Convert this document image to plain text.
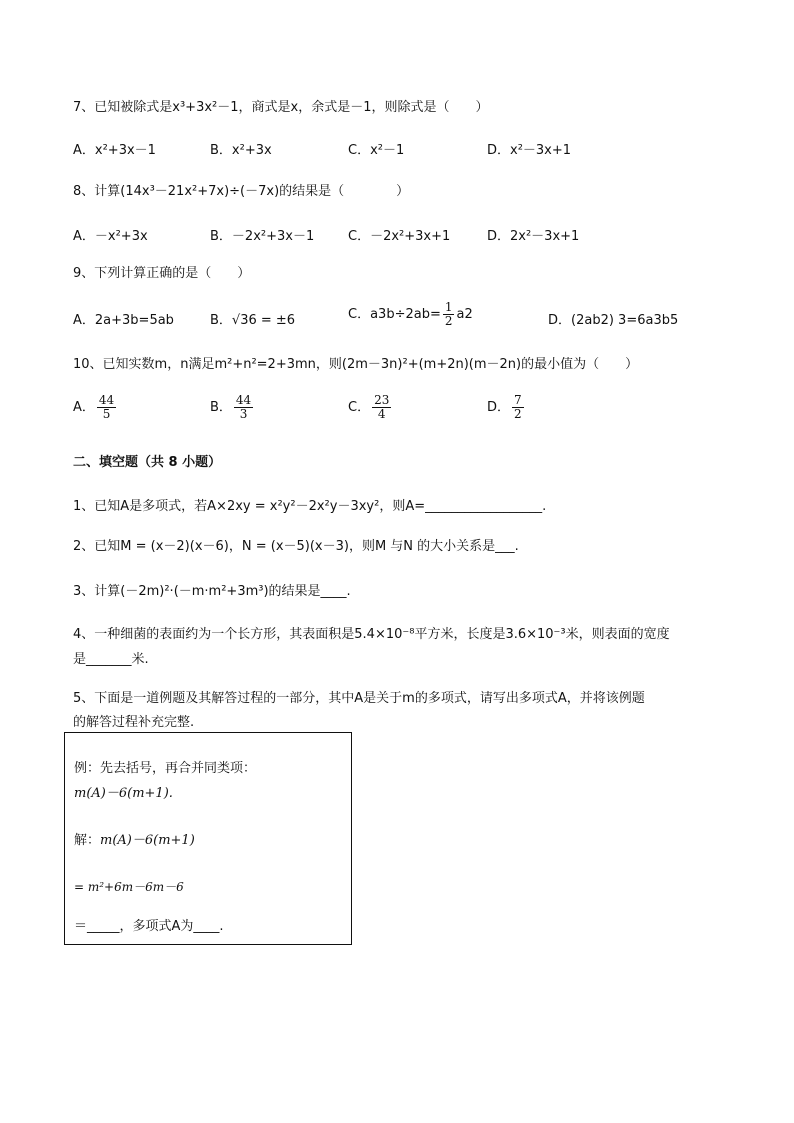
7、已知被除式是x³+3x²－1，商式是x，余式是－1，则除式是（　　）
A．x²+3x－1	B．x²+3x	C．x²－1	D．x²－3x+1
8、计算(14x³－21x²+7x)÷(－7x)的结果是（　　　　）
A．－x²+3x	B．－2x²+3x－1	C．－2x²+3x+1	D．2x²－3x+1
9、下列计算正确的是（　　）
A．2a+3b=5ab	B．√36 = ±6	C．$a3b\div 2ab= \frac{1}{2} a2$	D．(2ab2) 3=6a3b5
10、已知实数m，n满足m²+n²=2+3mn，则(2m－3n)²+(m+2n)(m－2n)的最小值为（　　）
A． $\frac{44}{5}$	B． $\frac{44}{3}$	C． $\frac{23}{4}$	D． $\frac{7}{2}$
二、填空题（共 8 小题）
1、已知A是多项式，若A×2xy = x²y²－2x²y－3xy²，则A=__________________.
2、已知M = (x－2)(x－6)，N = (x－5)(x－3)，则M 与N 的大小关系是___.
3、计算(－2m)²·(－m·m²+3m³)的结果是____.
4、一种细菌的表面约为一个长方形，其表面积是5.4×10⁻⁸平方米，长度是3.6×10⁻³米，则表面的宽度
是_______米.
5、下面是一道例题及其解答过程的一部分，其中A是关于m的多项式，请写出多项式A，并将该例题
的解答过程补充完整.
例：先去括号，再合并同类项：
m(A)－6(m+1).
解：m(A)－6(m+1)
= m²+6m－6m－6
＝_____，多项式A为____.
